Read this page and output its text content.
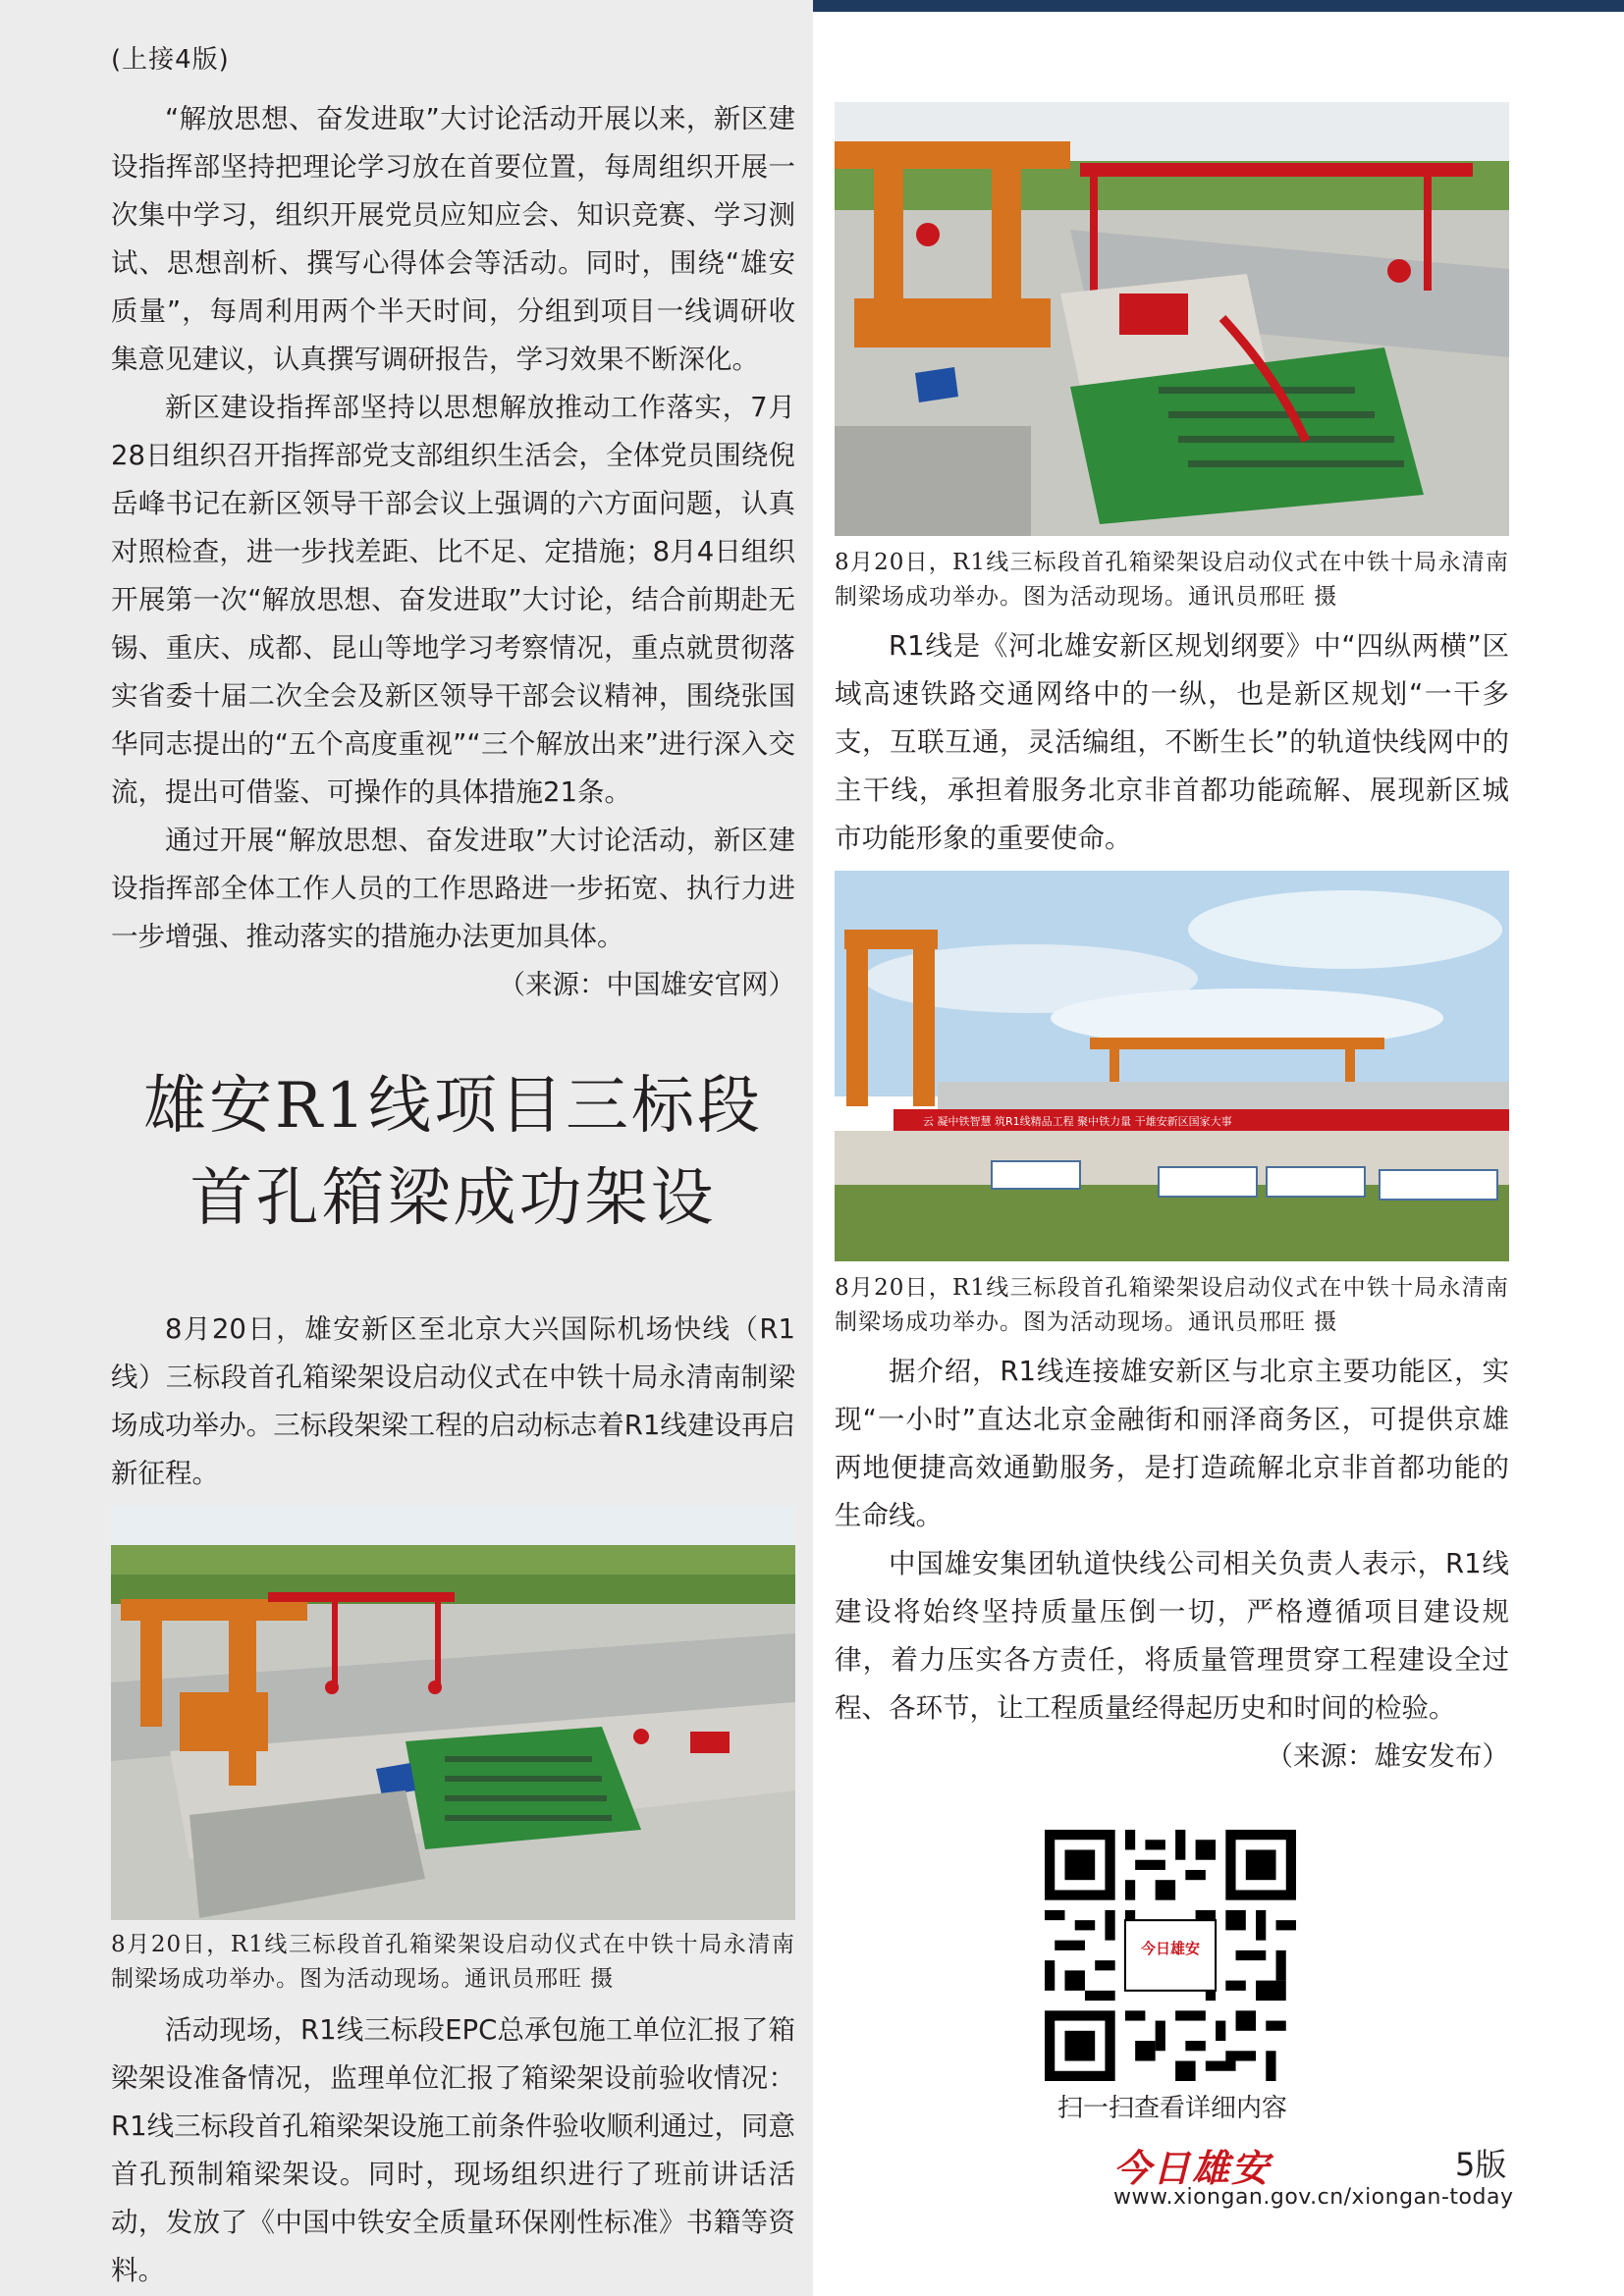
(上接4版)

“解放思想、奋发进取”大讨论活动开展以来，新区建设指挥部坚持把理论学习放在首要位置，每周组织开展一次集中学习，组织开展党员应知应会、知识竞赛、学习测试、思想剖析、撰写心得体会等活动。同时，围绕“雄安质量”，每周利用两个半天时间，分组到项目一线调研收集意见建议，认真撰写调研报告，学习效果不断深化。

新区建设指挥部坚持以思想解放推动工作落实，7月28日组织召开指挥部党支部组织生活会，全体党员围绕倪岳峰书记在新区领导干部会议上强调的六方面问题，认真对照检查，进一步找差距、比不足、定措施；8月4日组织开展第一次“解放思想、奋发进取”大讨论，结合前期赴无锡、重庆、成都、昆山等地学习考察情况，重点就贯彻落实省委十届二次全会及新区领导干部会议精神，围绕张国华同志提出的“五个高度重视”“三个解放出来”进行深入交流，提出可借鉴、可操作的具体措施21条。

通过开展“解放思想、奋发进取”大讨论活动，新区建设指挥部全体工作人员的工作思路进一步拓宽、执行力进一步增强、推动落实的措施办法更加具体。

（来源：中国雄安官网）

雄安R1线项目三标段
首孔箱梁成功架设

8月20日，雄安新区至北京大兴国际机场快线（R1线）三标段首孔箱梁架设启动仪式在中铁十局永清南制梁场成功举办。三标段架梁工程的启动标志着R1线建设再启新征程。

8月20日，R1线三标段首孔箱梁架设启动仪式在中铁十局永清南制梁场成功举办。图为活动现场。通讯员邢旺 摄

活动现场，R1线三标段EPC总承包施工单位汇报了箱梁架设准备情况，监理单位汇报了箱梁架设前验收情况：R1线三标段首孔箱梁架设施工前条件验收顺利通过，同意首孔预制箱梁架设。同时，现场组织进行了班前讲话活动，发放了《中国中铁安全质量环保刚性标准》书籍等资料。

8月20日，R1线三标段首孔箱梁架设启动仪式在中铁十局永清南制梁场成功举办。图为活动现场。通讯员邢旺 摄

R1线是《河北雄安新区规划纲要》中“四纵两横”区域高速铁路交通网络中的一纵，也是新区规划“一干多支，互联互通，灵活编组，不断生长”的轨道快线网中的主干线，承担着服务北京非首都功能疏解、展现新区城市功能形象的重要使命。

云 凝中铁智慧 筑R1线精品工程 聚中铁力量 干雄安新区国家大事

8月20日，R1线三标段首孔箱梁架设启动仪式在中铁十局永清南制梁场成功举办。图为活动现场。通讯员邢旺 摄

据介绍，R1线连接雄安新区与北京主要功能区，实现“一小时”直达北京金融街和丽泽商务区，可提供京雄两地便捷高效通勤服务，是打造疏解北京非首都功能的生命线。

中国雄安集团轨道快线公司相关负责人表示，R1线建设将始终坚持质量压倒一切，严格遵循项目建设规律，着力压实各方责任，将质量管理贯穿工程建设全过程、各环节，让工程质量经得起历史和时间的检验。

（来源：雄安发布）

今日雄安
扫一扫查看详细内容
今日雄安	5版
www.xiongan.gov.cn/xiongan-today
